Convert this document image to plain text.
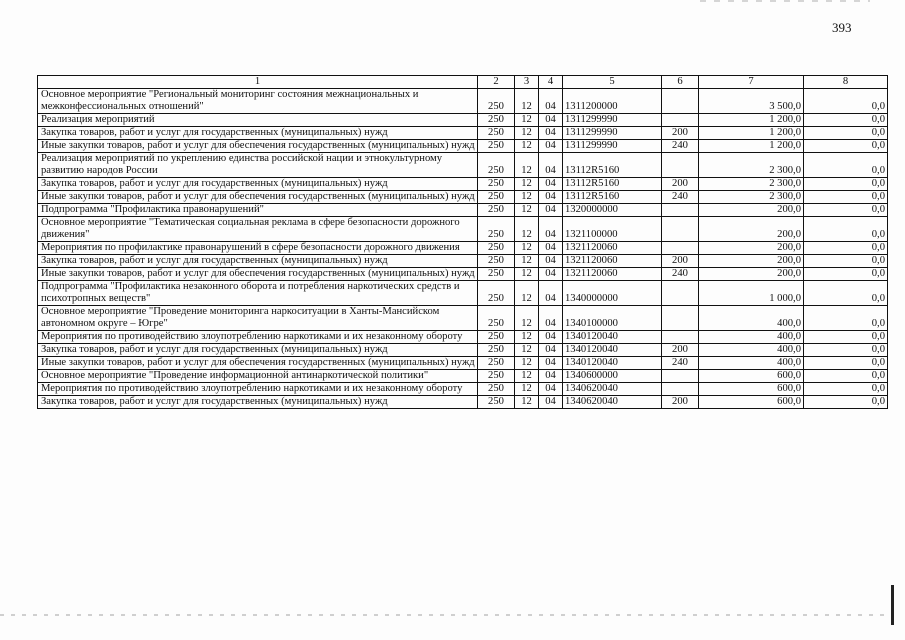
393
1	2	3	4	5	6	7	8
Основное мероприятие "Региональный мониторинг состояния межнациональных и межконфессиональных отношений"	250	12	04	1311200000		3 500,0	0,0
Реализация мероприятий	250	12	04	1311299990		1 200,0	0,0
Закупка товаров, работ и услуг для государственных (муниципальных) нужд	250	12	04	1311299990	200	1 200,0	0,0
Иные закупки товаров, работ и услуг для обеспечения государственных (муниципальных) нужд	250	12	04	1311299990	240	1 200,0	0,0
Реализация мероприятий по укреплению единства российской нации и этнокультурному развитию народов России	250	12	04	13112R5160		2 300,0	0,0
Закупка товаров, работ и услуг для государственных (муниципальных) нужд	250	12	04	13112R5160	200	2 300,0	0,0
Иные закупки товаров, работ и услуг для обеспечения государственных (муниципальных) нужд	250	12	04	13112R5160	240	2 300,0	0,0
Подпрограмма "Профилактика правонарушений"	250	12	04	1320000000		200,0	0,0
Основное мероприятие "Тематическая социальная реклама в сфере безопасности дорожного движения"	250	12	04	1321100000		200,0	0,0
Мероприятия по профилактике правонарушений в сфере безопасности дорожного движения	250	12	04	1321120060		200,0	0,0
Закупка товаров, работ и услуг для государственных (муниципальных) нужд	250	12	04	1321120060	200	200,0	0,0
Иные закупки товаров, работ и услуг для обеспечения государственных (муниципальных) нужд	250	12	04	1321120060	240	200,0	0,0
Подпрограмма "Профилактика незаконного оборота и потребления наркотических средств и психотропных веществ"	250	12	04	1340000000		1 000,0	0,0
Основное мероприятие "Проведение мониторинга наркоситуации в Ханты-Мансийском автономном округе – Югре"	250	12	04	1340100000		400,0	0,0
Мероприятия по противодействию злоупотреблению наркотиками и их незаконному обороту	250	12	04	1340120040		400,0	0,0
Закупка товаров, работ и услуг для государственных (муниципальных) нужд	250	12	04	1340120040	200	400,0	0,0
Иные закупки товаров, работ и услуг для обеспечения государственных (муниципальных) нужд	250	12	04	1340120040	240	400,0	0,0
Основное мероприятие "Проведение информационной антинаркотической политики"	250	12	04	1340600000		600,0	0,0
Мероприятия по противодействию злоупотреблению наркотиками и их незаконному обороту	250	12	04	1340620040		600,0	0,0
Закупка товаров, работ и услуг для государственных (муниципальных) нужд	250	12	04	1340620040	200	600,0	0,0
